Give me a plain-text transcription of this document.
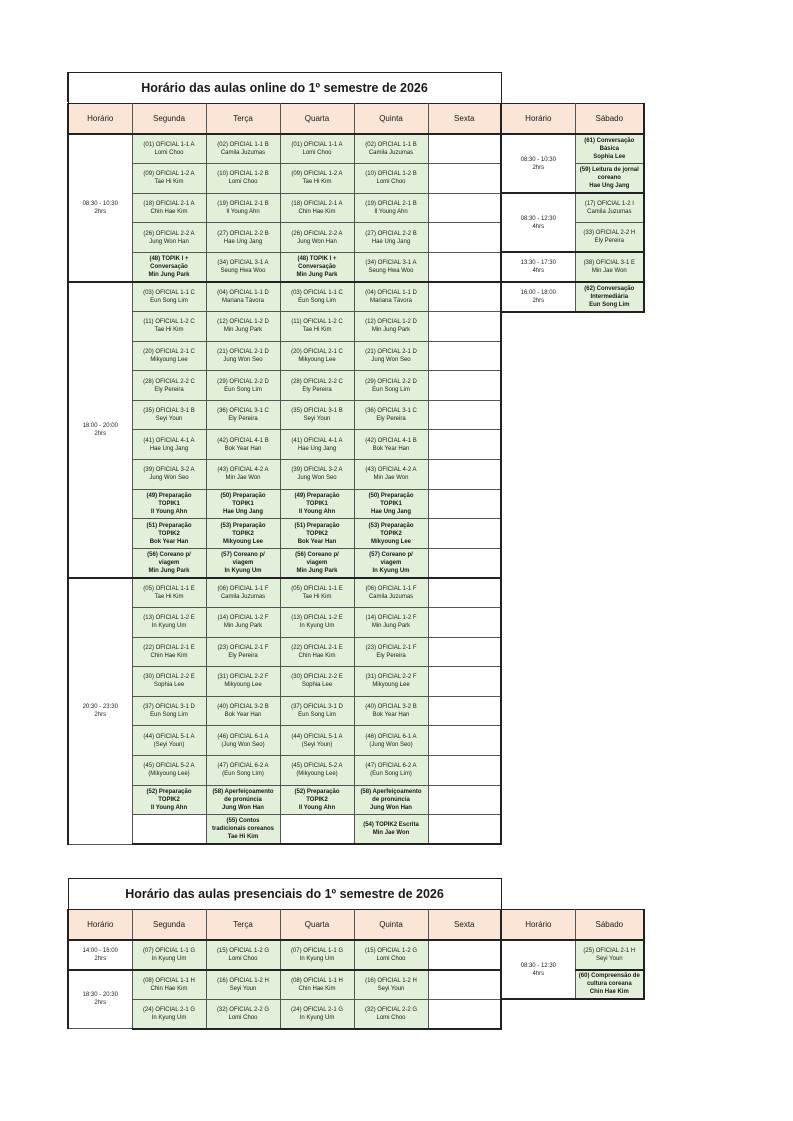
Horário das aulas online do 1º semestre de 2026							
Horário	Segunda	Terça	Quarta	Quinta	Sexta	Horário	Sábado

08:30 - 10:30
2hrs	(01) OFICIAL 1-1 A
Lomi Choo	(02) OFICIAL 1-1 B
Camila Juzumas	(01) OFICIAL 1-1 A
Lomi Choo	(02) OFICIAL 1-1 B
Camila Juzumas		08:30 - 10:30
2hrs	(61) Conversação
Básica
Sophia Lee

	(09) OFICIAL 1-2 A
Tae Hi Kim	(10) OFICIAL 1-2 B
Lomi Choo	(09) OFICIAL 1-2 A
Tae Hi Kim	(10) OFICIAL 1-2 B
Lomi Choo			(59) Leitura de jornal
coreano
Hae Ung Jang

	(18) OFICIAL 2-1 A
Chin Hae Kim	(19) OFICIAL 2-1 B
Il Young Ahn	(18) OFICIAL 2-1 A
Chin Hae Kim	(19) OFICIAL 2-1 B
Il Young Ahn		08:30 - 12:30
4hrs	(17) OFICIAL 1-2 I
Camila Juzumas

	(26) OFICIAL 2-2 A
Jung Won Han	(27) OFICIAL 2-2 B
Hae Ung Jang	(26) OFICIAL 2-2 A
Jung Won Han	(27) OFICIAL 2-2 B
Hae Ung Jang			(33) OFICIAL 2-2 H
Ely Pereira

	(48) TOPIK I +
Conversação
Min Jung Park	(34) OFICIAL 3-1 A
Seung Hwa Woo	(48) TOPIK I +
Conversação
Min Jung Park	(34) OFICIAL 3-1 A
Seung Hwa Woo		13:30 - 17:30
4hrs	(38) OFICIAL 3-1 E
Min Jae Won

18:00 - 20:00
2hrs	(03) OFICIAL 1-1 C
Eun Song Lim	(04) OFICIAL 1-1 D
Mariana Távora	(03) OFICIAL 1-1 C
Eun Song Lim	(04) OFICIAL 1-1 D
Mariana Távora		16:00 - 18:00
2hrs	(62) Conversação
Intermediária
Eun Song Lim

	(11) OFICIAL 1-2 C
Tae Hi Kim	(12) OFICIAL 1-2 D
Min Jung Park	(11) OFICIAL 1-2 C
Tae Hi Kim	(12) OFICIAL 1-2 D
Min Jung Park			

	(20) OFICIAL 2-1 C
Mikyoung Lee	(21) OFICIAL 2-1 D
Jung Won Seo	(20) OFICIAL 2-1 C
Mikyoung Lee	(21) OFICIAL 2-1 D
Jung Won Seo			

	(28) OFICIAL 2-2 C
Ely Pereira	(29) OFICIAL 2-2 D
Eun Song Lim	(28) OFICIAL 2-2 C
Ely Pereira	(29) OFICIAL 2-2 D
Eun Song Lim			

	(35) OFICIAL 3-1 B
Seyi Youn	(36) OFICIAL 3-1 C
Ely Pereira	(35) OFICIAL 3-1 B
Seyi Youn	(36) OFICIAL 3-1 C
Ely Pereira			

	(41) OFICIAL 4-1 A
Hae Ung Jang	(42) OFICIAL 4-1 B
Bok Year Han	(41) OFICIAL 4-1 A
Hae Ung Jang	(42) OFICIAL 4-1 B
Bok Year Han			

	(39) OFICIAL 3-2 A
Jung Won Seo	(43) OFICIAL 4-2 A
Min Jae Won	(39) OFICIAL 3-2 A
Jung Won Seo	(43) OFICIAL 4-2 A
Min Jae Won			

	(49) Preparação
TOPIK1
Il Young Ahn	(50) Preparação
TOPIK1
Hae Ung Jang	(49) Preparação
TOPIK1
Il Young Ahn	(50) Preparação
TOPIK1
Hae Ung Jang			

	(51) Preparação
TOPIK2
Bok Year Han	(53) Preparação
TOPIK2
Mikyoung Lee	(51) Preparação
TOPIK2
Bok Year Han	(53) Preparação
TOPIK2
Mikyoung Lee			

	(56) Coreano p/
viagem
Min Jung Park	(57) Coreano p/
viagem
In Kyung Um	(56) Coreano p/
viagem
Min Jung Park	(57) Coreano p/
viagem
In Kyung Um			

20:30 - 23:30
2hrs	(05) OFICIAL 1-1 E
Tae Hi Kim	(06) OFICIAL 1-1 F
Camila Juzumas	(05) OFICIAL 1-1 E
Tae Hi Kim	(06) OFICIAL 1-1 F
Camila Juzumas			

	(13) OFICIAL 1-2 E
In Kyung Um	(14) OFICIAL 1-2 F
Min Jung Park	(13) OFICIAL 1-2 E
In Kyung Um	(14) OFICIAL 1-2 F
Min Jung Park			

	(22) OFICIAL 2-1 E
Chin Hae Kim	(23) OFICIAL 2-1 F
Ely Pereira	(22) OFICIAL 2-1 E
Chin Hae Kim	(23) OFICIAL 2-1 F
Ely Pereira			

	(30) OFICIAL 2-2 E
Sophia Lee	(31) OFICIAL 2-2 F
Mikyoung Lee	(30) OFICIAL 2-2 E
Sophia Lee	(31) OFICIAL 2-2 F
Mikyoung Lee			

	(37) OFICIAL 3-1 D
Eun Song Lim	(40) OFICIAL 3-2 B
Bok Year Han	(37) OFICIAL 3-1 D
Eun Song Lim	(40) OFICIAL 3-2 B
Bok Year Han			

	(44) OFICIAL 5-1 A
(Seyi Youn)	(46) OFICIAL 6-1 A
(Jung Won Seo)	(44) OFICIAL 5-1 A
(Seyi Youn)	(46) OFICIAL 6-1 A
(Jung Won Seo)			

	(45) OFICIAL 5-2 A
(Mikyoung Lee)	(47) OFICIAL 6-2 A
(Eun Song Lim)	(45) OFICIAL 5-2 A
(Mikyoung Lee)	(47) OFICIAL 6-2 A
(Eun Song Lim)			

	(52) Preparação
TOPIK2
Il Young Ahn	(58) Aperfeiçoamento
de pronúncia
Jung Won Han	(52) Preparação
TOPIK2
Il Young Ahn	(58) Aperfeiçoamento
de pronúncia
Jung Won Han			

		(55) Contos
tradicionais coreanos
Tae Hi Kim		(54) TOPIK2 Escrita
Min Jae Won			

Horário das aulas presenciais do 1º semestre de 2026							
Horário	Segunda	Terça	Quarta	Quinta	Sexta	Horário	Sábado

14:00 - 16:00
2hrs	(07) OFICIAL 1-1 G
In Kyung Um	(15) OFICIAL 1-2 G
Lomi Choo	(07) OFICIAL 1-1 G
In Kyung Um	(15) OFICIAL 1-2 G
Lomi Choo		08:30 - 12:30
4hrs	(25) OFICIAL 2-1 H
Seyi Youn

18:30 - 20:30
2hrs	(08) OFICIAL 1-1 H
Chin Hae Kim	(16) OFICIAL 1-2 H
Seyi Youn	(08) OFICIAL 1-1 H
Chin Hae Kim	(16) OFICIAL 1-2 H
Seyi Youn			(60) Compreensão de
cultura coreana
Chin Hae Kim

	(24) OFICIAL 2-1 G
In Kyung Um	(32) OFICIAL 2-2 G
Lomi Choo	(24) OFICIAL 2-1 G
In Kyung Um	(32) OFICIAL 2-2 G
Lomi Choo			
